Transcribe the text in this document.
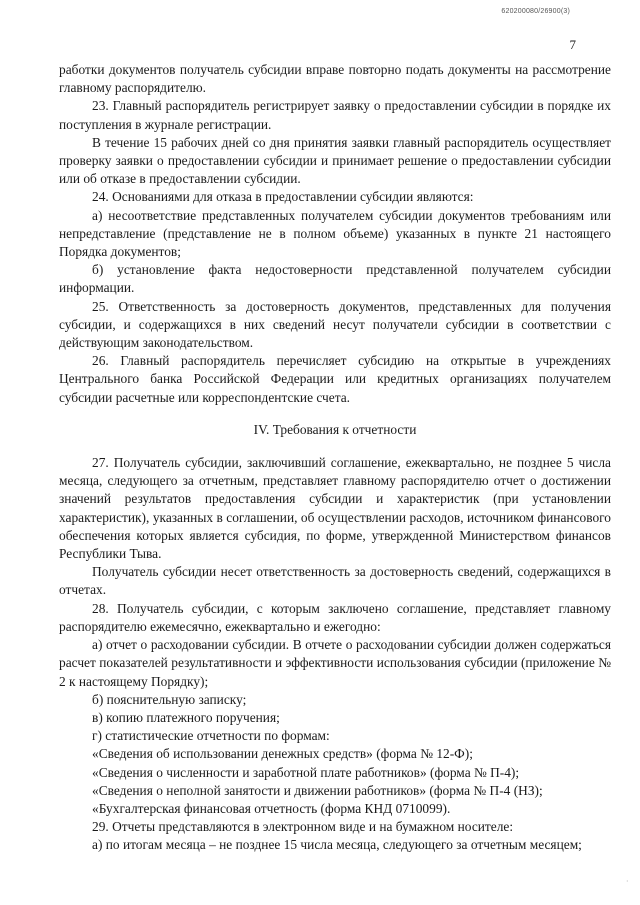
620200080/26900(3)
7

работки документов получатель субсидии вправе повторно подать документы на рассмотрение главному распорядителю.

23. Главный распорядитель регистрирует заявку о предоставлении субсидии в порядке их поступления в журнале регистрации.

В течение 15 рабочих дней со дня принятия заявки главный распорядитель осуществляет проверку заявки о предоставлении субсидии и принимает решение о предоставлении субсидии или об отказе в предоставлении субсидии.

24. Основаниями для отказа в предоставлении субсидии являются:

а) несоответствие представленных получателем субсидии документов требованиям или непредставление (представление не в полном объеме) указанных в пункте 21 настоящего Порядка документов;

б) установление факта недостоверности представленной получателем субсидии информации.

25. Ответственность за достоверность документов, представленных для получения субсидии, и содержащихся в них сведений несут получатели субсидии в соответствии с действующим законодательством.

26. Главный распорядитель перечисляет субсидию на открытые в учреждениях Центрального банка Российской Федерации или кредитных организациях получателем субсидии расчетные или корреспондентские счета.

IV. Требования к отчетности

27. Получатель субсидии, заключивший соглашение, ежеквартально, не позднее 5 числа месяца, следующего за отчетным, представляет главному распорядителю отчет о достижении значений результатов предоставления субсидии и характеристик (при установлении характеристик), указанных в соглашении, об осуществлении расходов, источником финансового обеспечения которых является субсидия, по форме, утвержденной Министерством финансов Республики Тыва.

Получатель субсидии несет ответственность за достоверность сведений, содержащихся в отчетах.

28. Получатель субсидии, с которым заключено соглашение, представляет главному распорядителю ежемесячно, ежеквартально и ежегодно:

а) отчет о расходовании субсидии. В отчете о расходовании субсидии должен содержаться расчет показателей результативности и эффективности использования субсидии (приложение № 2 к настоящему Порядку);

б) пояснительную записку;

в) копию платежного поручения;

г) статистические отчетности по формам:

«Сведения об использовании денежных средств» (форма № 12-Ф);

«Сведения о численности и заработной плате работников» (форма № П-4);

«Сведения о неполной занятости и движении работников» (форма № П-4 (НЗ);

«Бухгалтерская финансовая отчетность (форма КНД 0710099).

29. Отчеты представляются в электронном виде и на бумажном носителе:

а) по итогам месяца – не позднее 15 числа месяца, следующего за отчетным месяцем;

·
